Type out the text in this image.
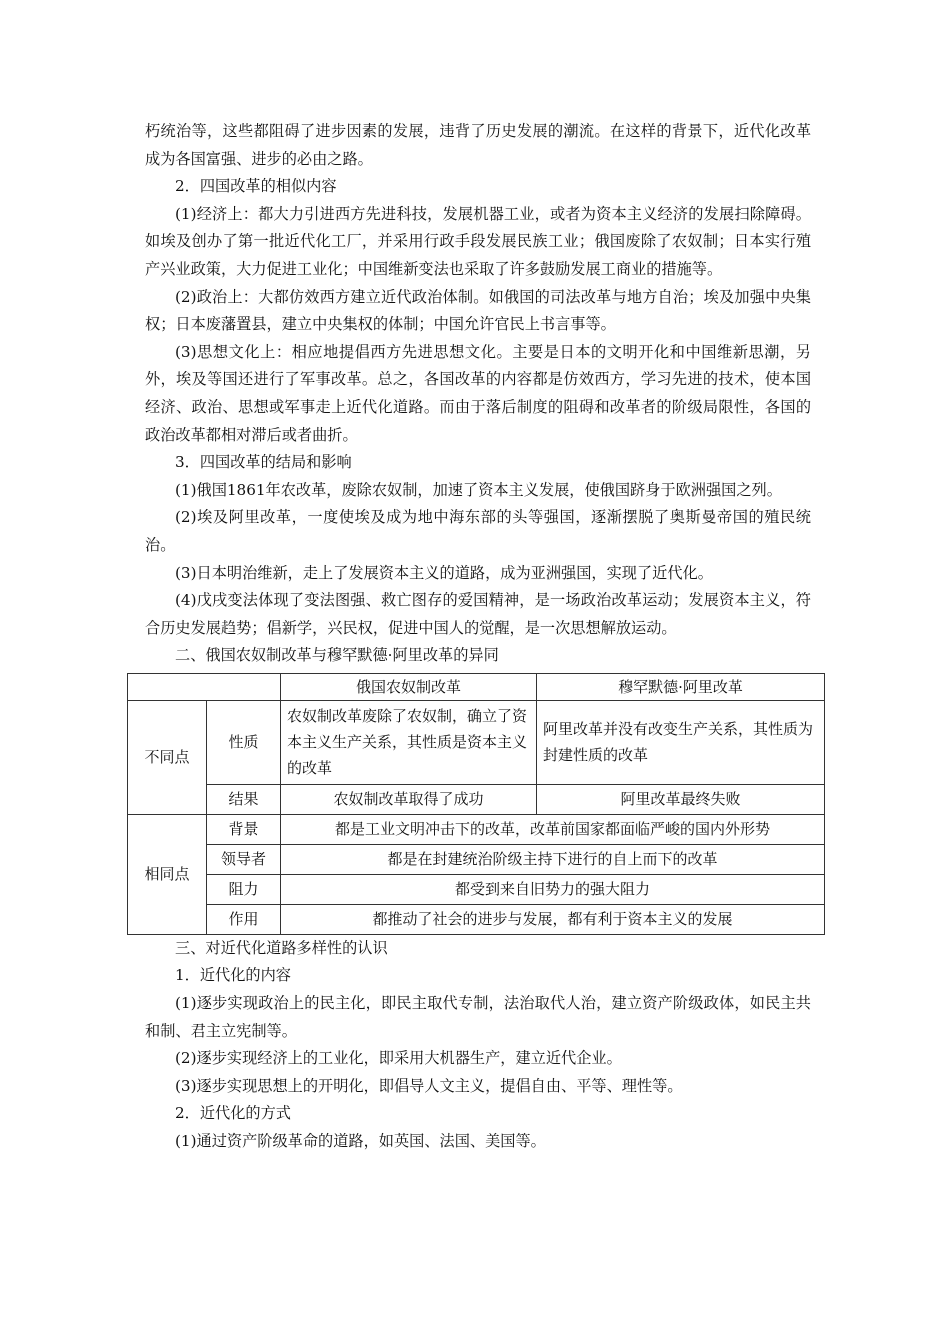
朽统治等，这些都阻碍了进步因素的发展，违背了历史发展的潮流。在这样的背景下，近代化改革成为各国富强、进步的必由之路。

2．四国改革的相似内容

(1)经济上：都大力引进西方先进科技，发展机器工业，或者为资本主义经济的发展扫除障碍。如埃及创办了第一批近代化工厂，并采用行政手段发展民族工业；俄国废除了农奴制；日本实行殖产兴业政策，大力促进工业化；中国维新变法也采取了许多鼓励发展工商业的措施等。

(2)政治上：大都仿效西方建立近代政治体制。如俄国的司法改革与地方自治；埃及加强中央集权；日本废藩置县，建立中央集权的体制；中国允许官民上书言事等。

(3)思想文化上：相应地提倡西方先进思想文化。主要是日本的文明开化和中国维新思潮，另外，埃及等国还进行了军事改革。总之，各国改革的内容都是仿效西方，学习先进的技术，使本国经济、政治、思想或军事走上近代化道路。而由于落后制度的阻碍和改革者的阶级局限性，各国的政治改革都相对滞后或者曲折。

3．四国改革的结局和影响

(1)俄国1861年农改革，废除农奴制，加速了资本主义发展，使俄国跻身于欧洲强国之列。

(2)埃及阿里改革，一度使埃及成为地中海东部的头等强国，逐渐摆脱了奥斯曼帝国的殖民统治。

(3)日本明治维新，走上了发展资本主义的道路，成为亚洲强国，实现了近代化。

(4)戊戌变法体现了变法图强、救亡图存的爱国精神，是一场政治改革运动；发展资本主义，符合历史发展趋势；倡新学，兴民权，促进中国人的觉醒，是一次思想解放运动。

二、俄国农奴制改革与穆罕默德·阿里改革的异同

		俄国农奴制改革	穆罕默德·阿里改革
不同点	性质	农奴制改革废除了农奴制，确立了资本主义生产关系，其性质是资本主义的改革	阿里改革并没有改变生产关系，其性质为封建性质的改革
	结果	农奴制改革取得了成功	阿里改革最终失败
相同点	背景	都是工业文明冲击下的改革，改革前国家都面临严峻的国内外形势	
	领导者	都是在封建统治阶级主持下进行的自上而下的改革	
	阻力	都受到来自旧势力的强大阻力	
	作用	都推动了社会的进步与发展，都有利于资本主义的发展	

三、对近代化道路多样性的认识

1．近代化的内容

(1)逐步实现政治上的民主化，即民主取代专制，法治取代人治，建立资产阶级政体，如民主共和制、君主立宪制等。

(2)逐步实现经济上的工业化，即采用大机器生产，建立近代企业。

(3)逐步实现思想上的开明化，即倡导人文主义，提倡自由、平等、理性等。

2．近代化的方式

(1)通过资产阶级革命的道路，如英国、法国、美国等。
